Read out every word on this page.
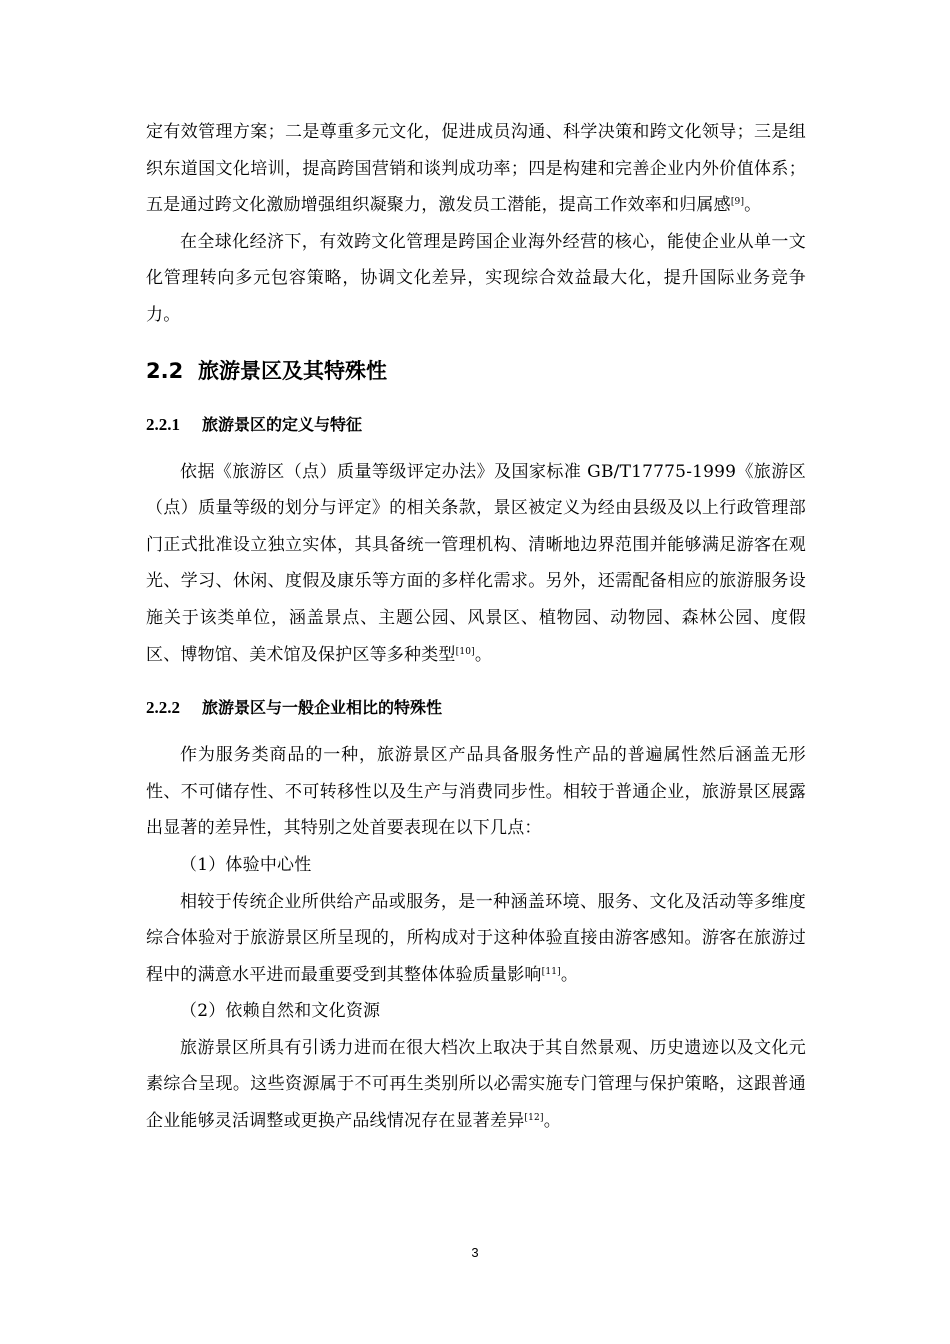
定有效管理方案；二是尊重多元文化，促进成员沟通、科学决策和跨文化领导；三是组织东道国文化培训，提高跨国营销和谈判成功率；四是构建和完善企业内外价值体系；五是通过跨文化激励增强组织凝聚力，激发员工潜能，提高工作效率和归属感[9]。

在全球化经济下，有效跨文化管理是跨国企业海外经营的核心，能使企业从单一文化管理转向多元包容策略，协调文化差异，实现综合效益最大化，提升国际业务竞争力。

2.2 旅游景区及其特殊性
2.2.1 旅游景区的定义与特征

依据《旅游区（点）质量等级评定办法》及国家标准 GB/T17775-1999《旅游区（点）质量等级的划分与评定》的相关条款，景区被定义为经由县级及以上行政管理部门正式批准设立独立实体，其具备统一管理机构、清晰地边界范围并能够满足游客在观光、学习、休闲、度假及康乐等方面的多样化需求。另外，还需配备相应的旅游服务设施关于该类单位，涵盖景点、主题公园、风景区、植物园、动物园、森林公园、度假区、博物馆、美术馆及保护区等多种类型[10]。

2.2.2 旅游景区与一般企业相比的特殊性

作为服务类商品的一种，旅游景区产品具备服务性产品的普遍属性然后涵盖无形性、不可储存性、不可转移性以及生产与消费同步性。相较于普通企业，旅游景区展露出显著的差异性，其特别之处首要表现在以下几点：

（1）体验中心性

相较于传统企业所供给产品或服务，是一种涵盖环境、服务、文化及活动等多维度综合体验对于旅游景区所呈现的，所构成对于这种体验直接由游客感知。游客在旅游过程中的满意水平进而最重要受到其整体体验质量影响[11]。

（2）依赖自然和文化资源

旅游景区所具有引诱力进而在很大档次上取决于其自然景观、历史遗迹以及文化元素综合呈现。这些资源属于不可再生类别所以必需实施专门管理与保护策略，这跟普通企业能够灵活调整或更换产品线情况存在显著差异[12]。

3
